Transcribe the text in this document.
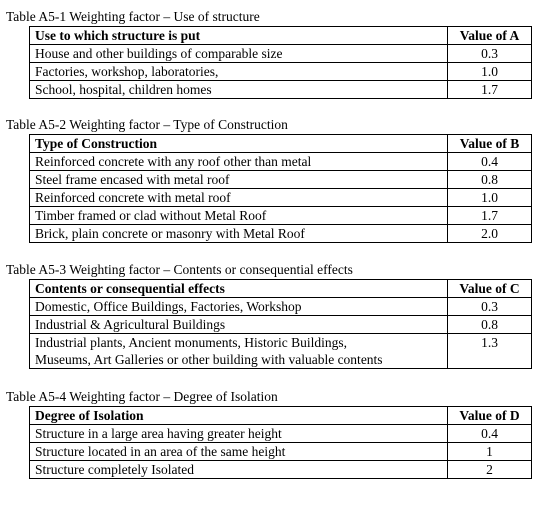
Table A5-1 Weighting factor – Use of structure
Use to which structure is put	Value of A
House and other buildings of comparable size	0.3
Factories, workshop, laboratories,	1.0
School, hospital, children homes	1.7
Table A5-2 Weighting factor – Type of Construction
Type of Construction	Value of B
Reinforced concrete with any roof other than metal	0.4
Steel frame encased with metal roof	0.8
Reinforced concrete with metal roof	1.0
Timber framed or clad without Metal Roof	1.7
Brick, plain concrete or masonry with Metal Roof	2.0
Table A5-3 Weighting factor – Contents or consequential effects
Contents or consequential effects	Value of C
Domestic, Office Buildings, Factories, Workshop	0.3
Industrial & Agricultural Buildings	0.8

Industrial plants, Ancient monuments, Historic Buildings,
Museums, Art Galleries or other building with valuable contents	1.3
Table A5-4 Weighting factor – Degree of Isolation
Degree of Isolation	Value of D
Structure in a large area having greater height	0.4
Structure located in an area of the same height	1
Structure completely Isolated	2
